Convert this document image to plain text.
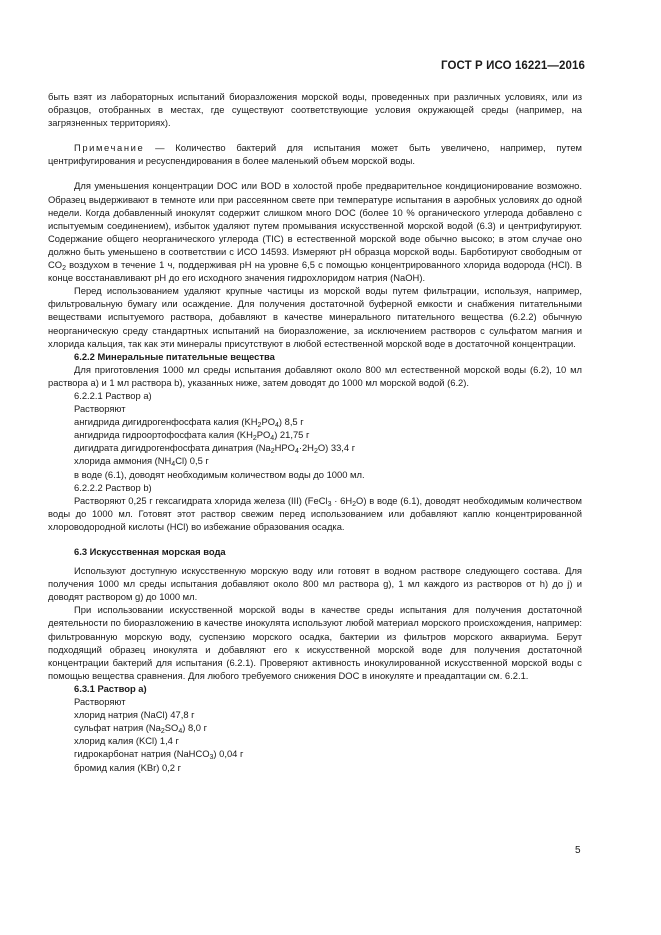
ГОСТ Р ИСО 16221—2016

быть взят из лабораторных испытаний биоразложения морской воды, проведенных при различных условиях, или из образцов, отобранных в местах, где существуют соответствующие условия окружающей среды (например, на загрязненных территориях).

Примечание — Количество бактерий для испытания может быть увеличено, например, путем центрифугирования и ресуспендирования в более маленький объем морской воды.

Для уменьшения концентрации DOC или BOD в холостой пробе предварительное кондиционирование возможно. Образец выдерживают в темноте или при рассеянном свете при температуре испытания в аэробных условиях до одной недели. Когда добавленный инокулят содержит слишком много DOC (более 10 % органического углерода добавлено с испытуемым соединением), избыток удаляют путем промывания искусственной морской водой (6.3) и центрифугируют. Содержание общего неорганического углерода (TIC) в естественной морской воде обычно высоко; в этом случае оно должно быть уменьшено в соответствии с ИСО 14593. Измеряют pH образца морской воды. Барботируют свободным от $CO_2$ воздухом в течение 1 ч, поддерживая pH на уровне 6,5 с помощью концентрированного хлорида водорода (HCl). В конце восстанавливают pH до его исходного значения гидрохлоридом натрия (NaOH).

Перед использованием удаляют крупные частицы из морской воды путем фильтрации, используя, например, фильтровальную бумагу или осаждение. Для получения достаточной буферной емкости и снабжения питательными веществами испытуемого раствора, добавляют в качестве минерального питательного вещества (6.2.2) обычную неорганическую среду стандартных испытаний на биоразложение, за исключением растворов с сульфатом магния и хлорида кальция, так как эти минералы присутствуют в любой естественной морской воде в достаточной концентрации.

6.2.2 Минеральные питательные вещества

Для приготовления 1000 мл среды испытания добавляют около 800 мл естественной морской воды (6.2), 10 мл раствора a) и 1 мл раствора b), указанных ниже, затем доводят до 1000 мл морской водой (6.2).

6.2.2.1 Раствор a)

Растворяют

ангидрида дигидрогенфосфата калия $(KH_2PO_4)$ 8,5 г

ангидрида гидроортофосфата калия $(KH_2PO_4)$ 21,75 г

дигидрата дигидрогенфосфата динатрия $(Na_2HPO_4\cdot 2H_2O)$ 33,4 г

хлорида аммония $(NH_4Cl)$ 0,5 г

в воде (6.1), доводят необходимым количеством воды до 1000 мл.

6.2.2.2 Раствор b)

Растворяют 0,25 г гексагидрата хлорида железа (III) (FeCl$_3$ · $6H_2O$) в воде (6.1), доводят необходимым количеством воды до 1000 мл. Готовят этот раствор свежим перед использованием или добавляют каплю концентрированной хлороводородной кислоты (HCl) во избежание образования осадка.

6.3 Искусственная морская вода

Используют доступную искусственную морскую воду или готовят в водном растворе следующего состава. Для получения 1000 мл среды испытания добавляют около 800 мл раствора g), 1 мл каждого из растворов от h) до j) и доводят раствором g) до 1000 мл.

При использовании искусственной морской воды в качестве среды испытания для получения достаточной деятельности по биоразложению в качестве инокулята используют любой материал морского происхождения, например: фильтрованную морскую воду, суспензию морского осадка, бактерии из фильтров морского аквариума. Берут подходящий образец инокулята и добавляют его к искусственной морской воде для получения достаточной концентрации бактерий для испытания (6.2.1). Проверяют активность инокулированной искусственной морской воды с помощью вещества сравнения. Для любого требуемого снижения DOC в инокуляте и преадаптации см. 6.2.1.

6.3.1 Раствор a)

Растворяют

хлорид натрия (NaCl) 47,8 г

сульфат натрия $(Na_2SO_4)$ 8,0 г

хлорид калия (KCl) 1,4 г

гидрокарбонат натрия (NaHCO$_3$) 0,04 г

бромид калия (KBr) 0,2 г

5
